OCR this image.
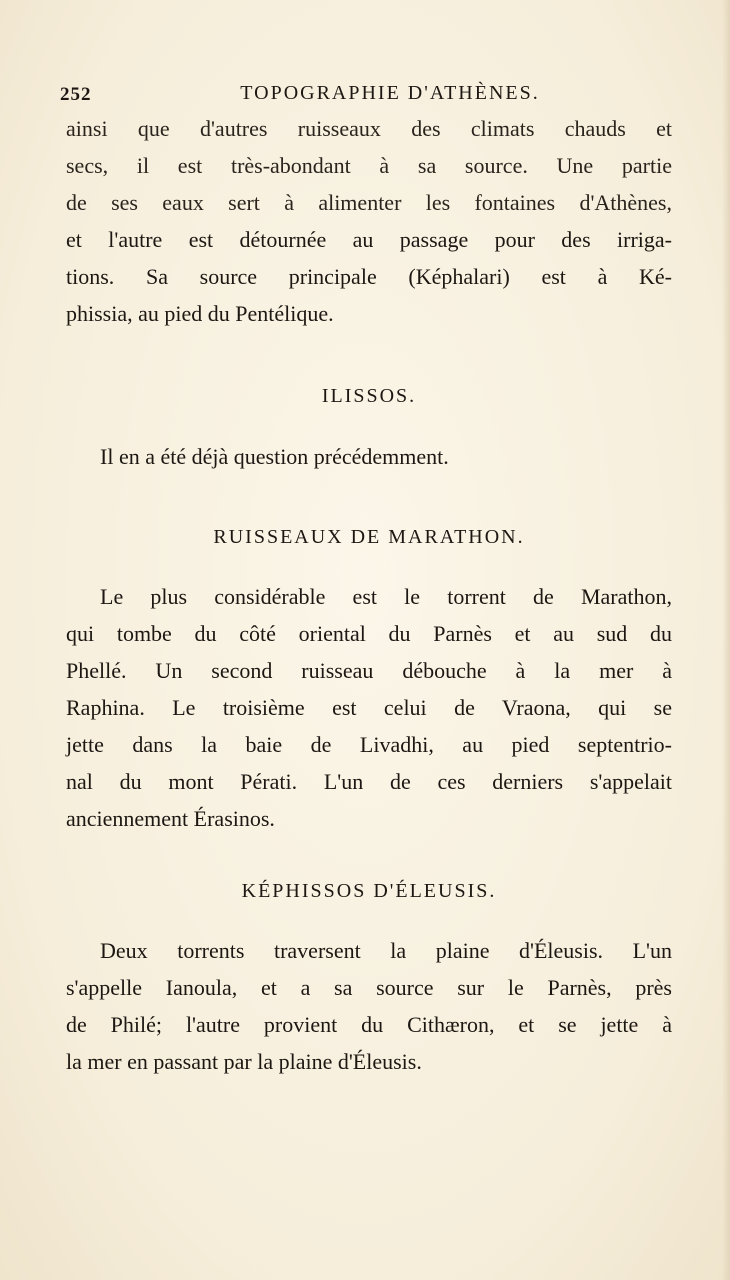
252	TOPOGRAPHIE D'ATHÈNES.
ainsi que d'autres ruisseaux des climats chauds et
secs, il est très-abondant à sa source. Une partie
de ses eaux sert à alimenter les fontaines d'Athènes,
et l'autre est détournée au passage pour des irriga-
tions. Sa source principale (Képhalari) est à Ké-
phissia, au pied du Pentélique.
ILISSOS.
Il en a été déjà question précédemment.
RUISSEAUX DE MARATHON.
Le plus considérable est le torrent de Marathon,
qui tombe du côté oriental du Parnès et au sud du
Phellé. Un second ruisseau débouche à la mer à
Raphina. Le troisième est celui de Vraona, qui se
jette dans la baie de Livadhi, au pied septentrio-
nal du mont Pérati. L'un de ces derniers s'appelait
anciennement Érasinos.
KÉPHISSOS D'ÉLEUSIS.
Deux torrents traversent la plaine d'Éleusis. L'un
s'appelle Ianoula, et a sa source sur le Parnès, près
de Philé; l'autre provient du Cithæron, et se jette à
la mer en passant par la plaine d'Éleusis.
